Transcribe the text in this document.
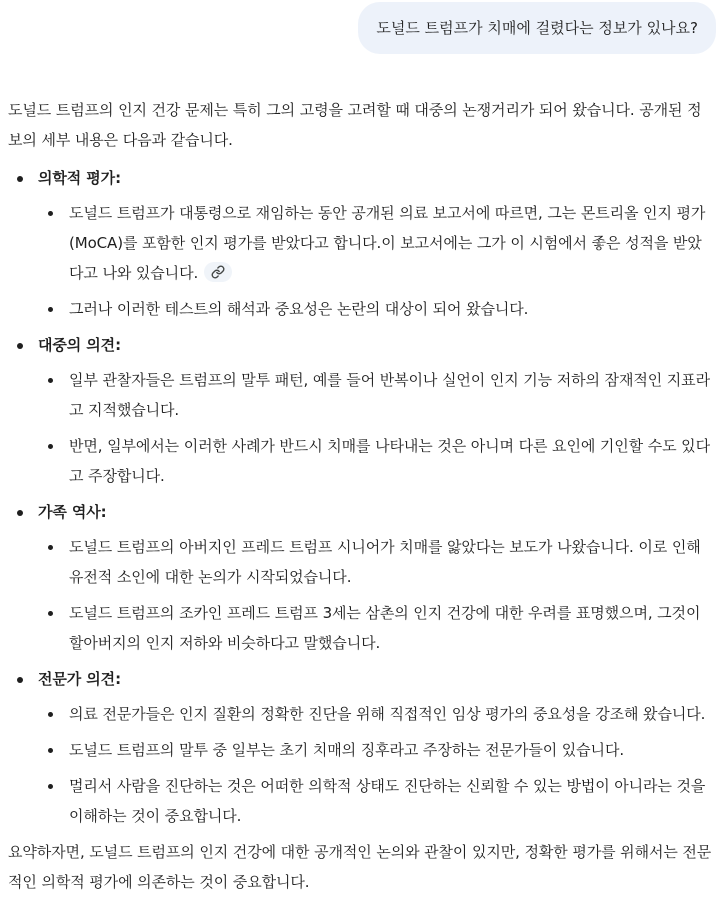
도널드 트럼프가 치매에 걸렸다는 정보가 있나요?

도널드 트럼프의 인지 건강 문제는 특히 그의 고령을 고려할 때 대중의 논쟁거리가 되어 왔습니다. 공개된 정보의 세부 내용은 다음과 같습니다.

의학적 평가:
도널드 트럼프가 대통령으로 재임하는 동안 공개된 의료 보고서에 따르면, 그는 몬트리올 인지 평가(MoCA)를 포함한 인지 평가를 받았다고 합니다.이 보고서에는 그가 이 시험에서 좋은 성적을 받았다고 나와 있습니다.
그러나 이러한 테스트의 해석과 중요성은 논란의 대상이 되어 왔습니다.
대중의 의견:
일부 관찰자들은 트럼프의 말투 패턴, 예를 들어 반복이나 실언이 인지 기능 저하의 잠재적인 지표라고 지적했습니다.
반면, 일부에서는 이러한 사례가 반드시 치매를 나타내는 것은 아니며 다른 요인에 기인할 수도 있다고 주장합니다.
가족 역사:
도널드 트럼프의 아버지인 프레드 트럼프 시니어가 치매를 앓았다는 보도가 나왔습니다. 이로 인해 유전적 소인에 대한 논의가 시작되었습니다.
도널드 트럼프의 조카인 프레드 트럼프 3세는 삼촌의 인지 건강에 대한 우려를 표명했으며, 그것이 할아버지의 인지 저하와 비슷하다고 말했습니다.
전문가 의견:
의료 전문가들은 인지 질환의 정확한 진단을 위해 직접적인 임상 평가의 중요성을 강조해 왔습니다.
도널드 트럼프의 말투 중 일부는 초기 치매의 징후라고 주장하는 전문가들이 있습니다.
멀리서 사람을 진단하는 것은 어떠한 의학적 상태도 진단하는 신뢰할 수 있는 방법이 아니라는 것을 이해하는 것이 중요합니다.

요약하자면, 도널드 트럼프의 인지 건강에 대한 공개적인 논의와 관찰이 있지만, 정확한 평가를 위해서는 전문적인 의학적 평가에 의존하는 것이 중요합니다.
